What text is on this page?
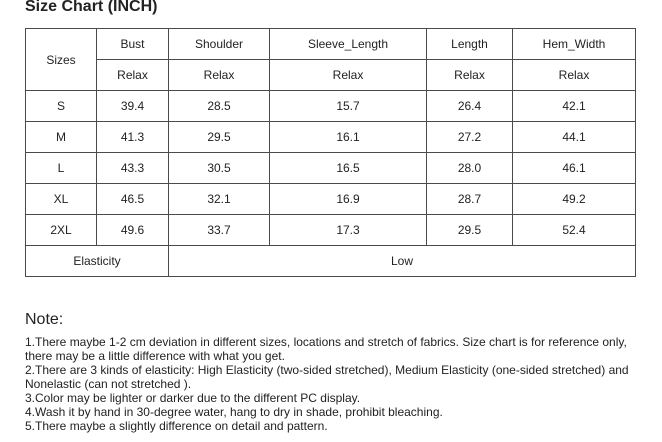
Size Chart (INCH)
Sizes	Bust	Shoulder	Sleeve_Length	Length	Hem_Width
	Relax	Relax	Relax	Relax	Relax
S	39.4	28.5	15.7	26.4	42.1
M	41.3	29.5	16.1	27.2	44.1
L	43.3	30.5	16.5	28.0	46.1
XL	46.5	32.1	16.9	28.7	49.2
2XL	49.6	33.7	17.3	29.5	52.4
Elasticity		Low			
Note:

1.There maybe 1-2 cm deviation in different sizes, locations and stretch of fabrics. Size chart is for reference only, there may be a little difference with what you get.

2.There are 3 kinds of elasticity: High Elasticity (two-sided stretched), Medium Elasticity (one-sided stretched) and Nonelastic (can not stretched ).

3.Color may be lighter or darker due to the different PC display.

4.Wash it by hand in 30-degree water, hang to dry in shade, prohibit bleaching.

5.There maybe a slightly difference on detail and pattern.
